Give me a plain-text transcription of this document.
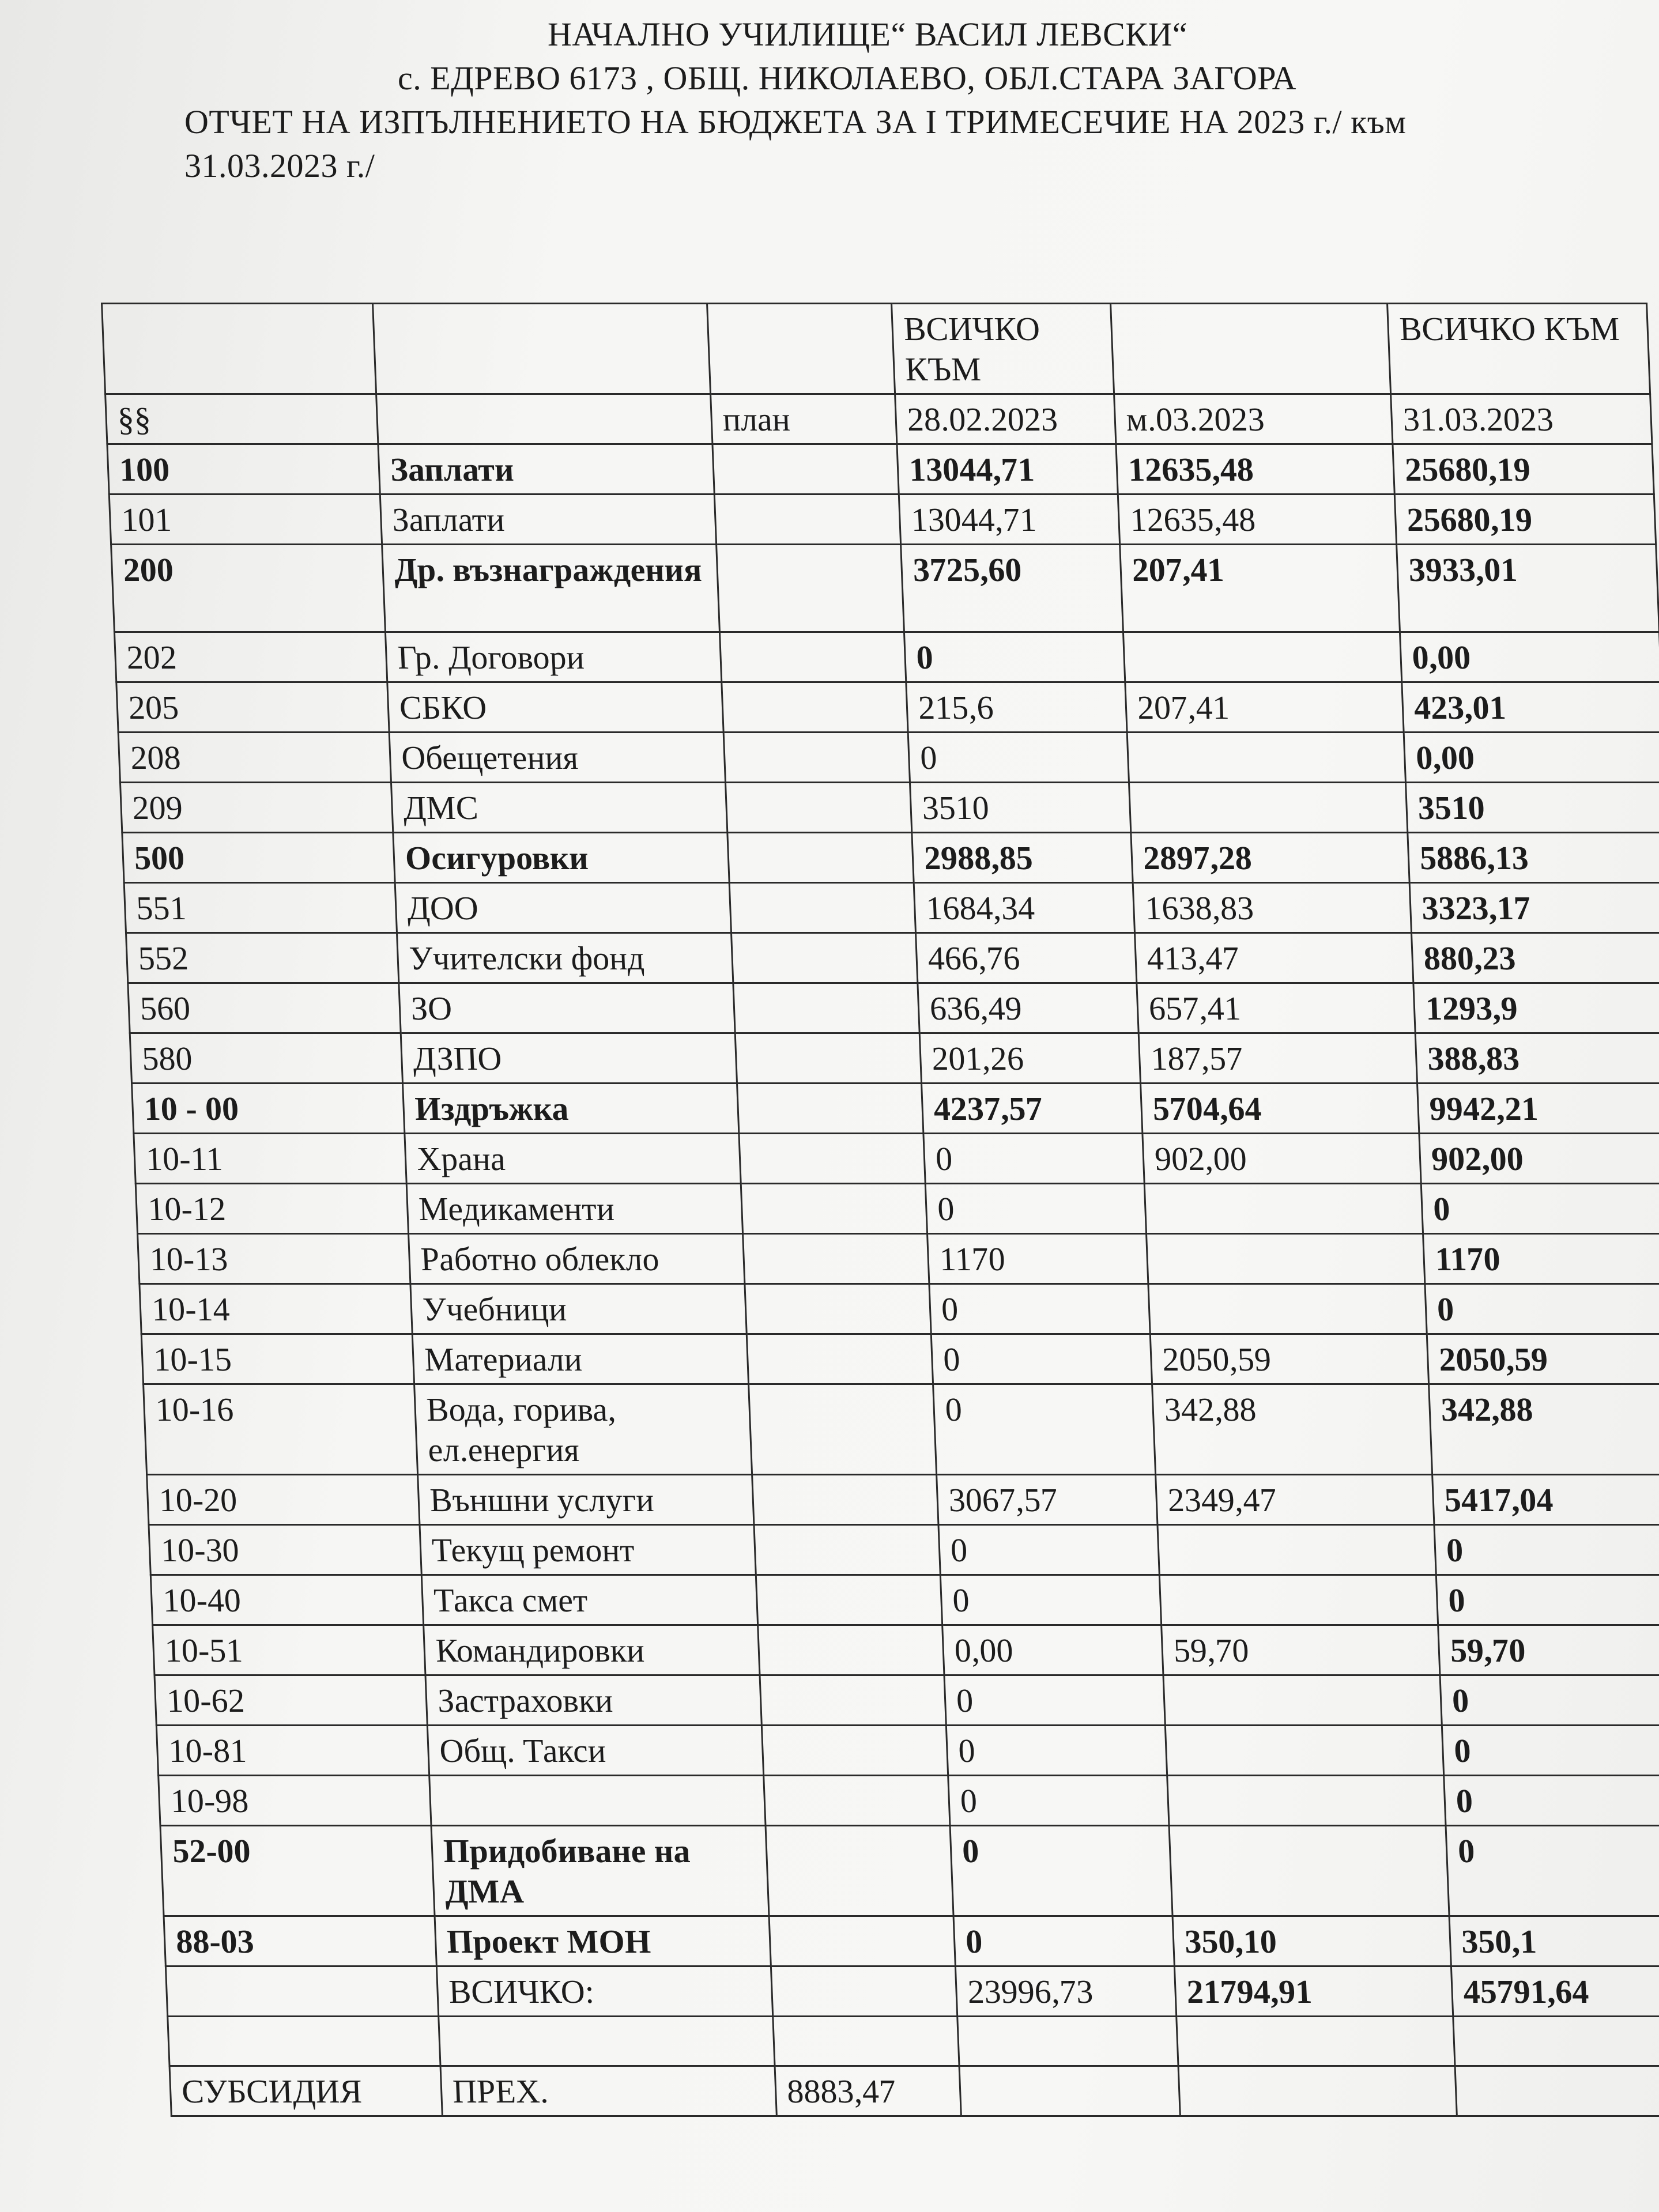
НАЧАЛНО УЧИЛИЩЕ“ ВАСИЛ ЛЕВСКИ“
с. ЕДРЕВО 6173 , ОБЩ. НИКОЛАЕВО, ОБЛ.СТАРА ЗАГОРА
ОТЧЕТ НА ИЗПЪЛНЕНИЕТО НА БЮДЖЕТА ЗА I ТРИМЕСЕЧИЕ НА 2023 г./ към
31.03.2023 г./
			ВСИЧКО КЪМ		ВСИЧКО КЪМ
§§		план	28.02.2023	м.03.2023	31.03.2023
100	Заплати		13044,71	12635,48	25680,19
101	Заплати		13044,71	12635,48	25680,19
200	Др. възнаграждения		3725,60	207,41	3933,01
202	Гр. Договори		0		0,00
205	СБКО		215,6	207,41	423,01
208	Обещетения		0		0,00
209	ДМС		3510		3510
500	Осигуровки		2988,85	2897,28	5886,13
551	ДОО		1684,34	1638,83	3323,17
552	Учителски фонд		466,76	413,47	880,23
560	ЗО		636,49	657,41	1293,9
580	ДЗПО		201,26	187,57	388,83
10 - 00	Издръжка		4237,57	5704,64	9942,21
10-11	Храна		0	902,00	902,00
10-12	Медикаменти		0		0
10-13	Работно облекло		1170		1170
10-14	Учебници		0		0
10-15	Материали		0	2050,59	2050,59
10-16	Вода, горива, ел.енергия		0	342,88	342,88
10-20	Външни услуги		3067,57	2349,47	5417,04
10-30	Текущ ремонт		0		0
10-40	Такса смет		0		0
10-51	Командировки		0,00	59,70	59,70
10-62	Застраховки		0		0
10-81	Общ. Такси		0		0
10-98			0		0
52-00	Придобиване на ДМА		0		0
88-03	Проект МОН		0	350,10	350,1
	ВСИЧКО:		23996,73	21794,91	45791,64

СУБСИДИЯ	ПРЕХ.	8883,47			
